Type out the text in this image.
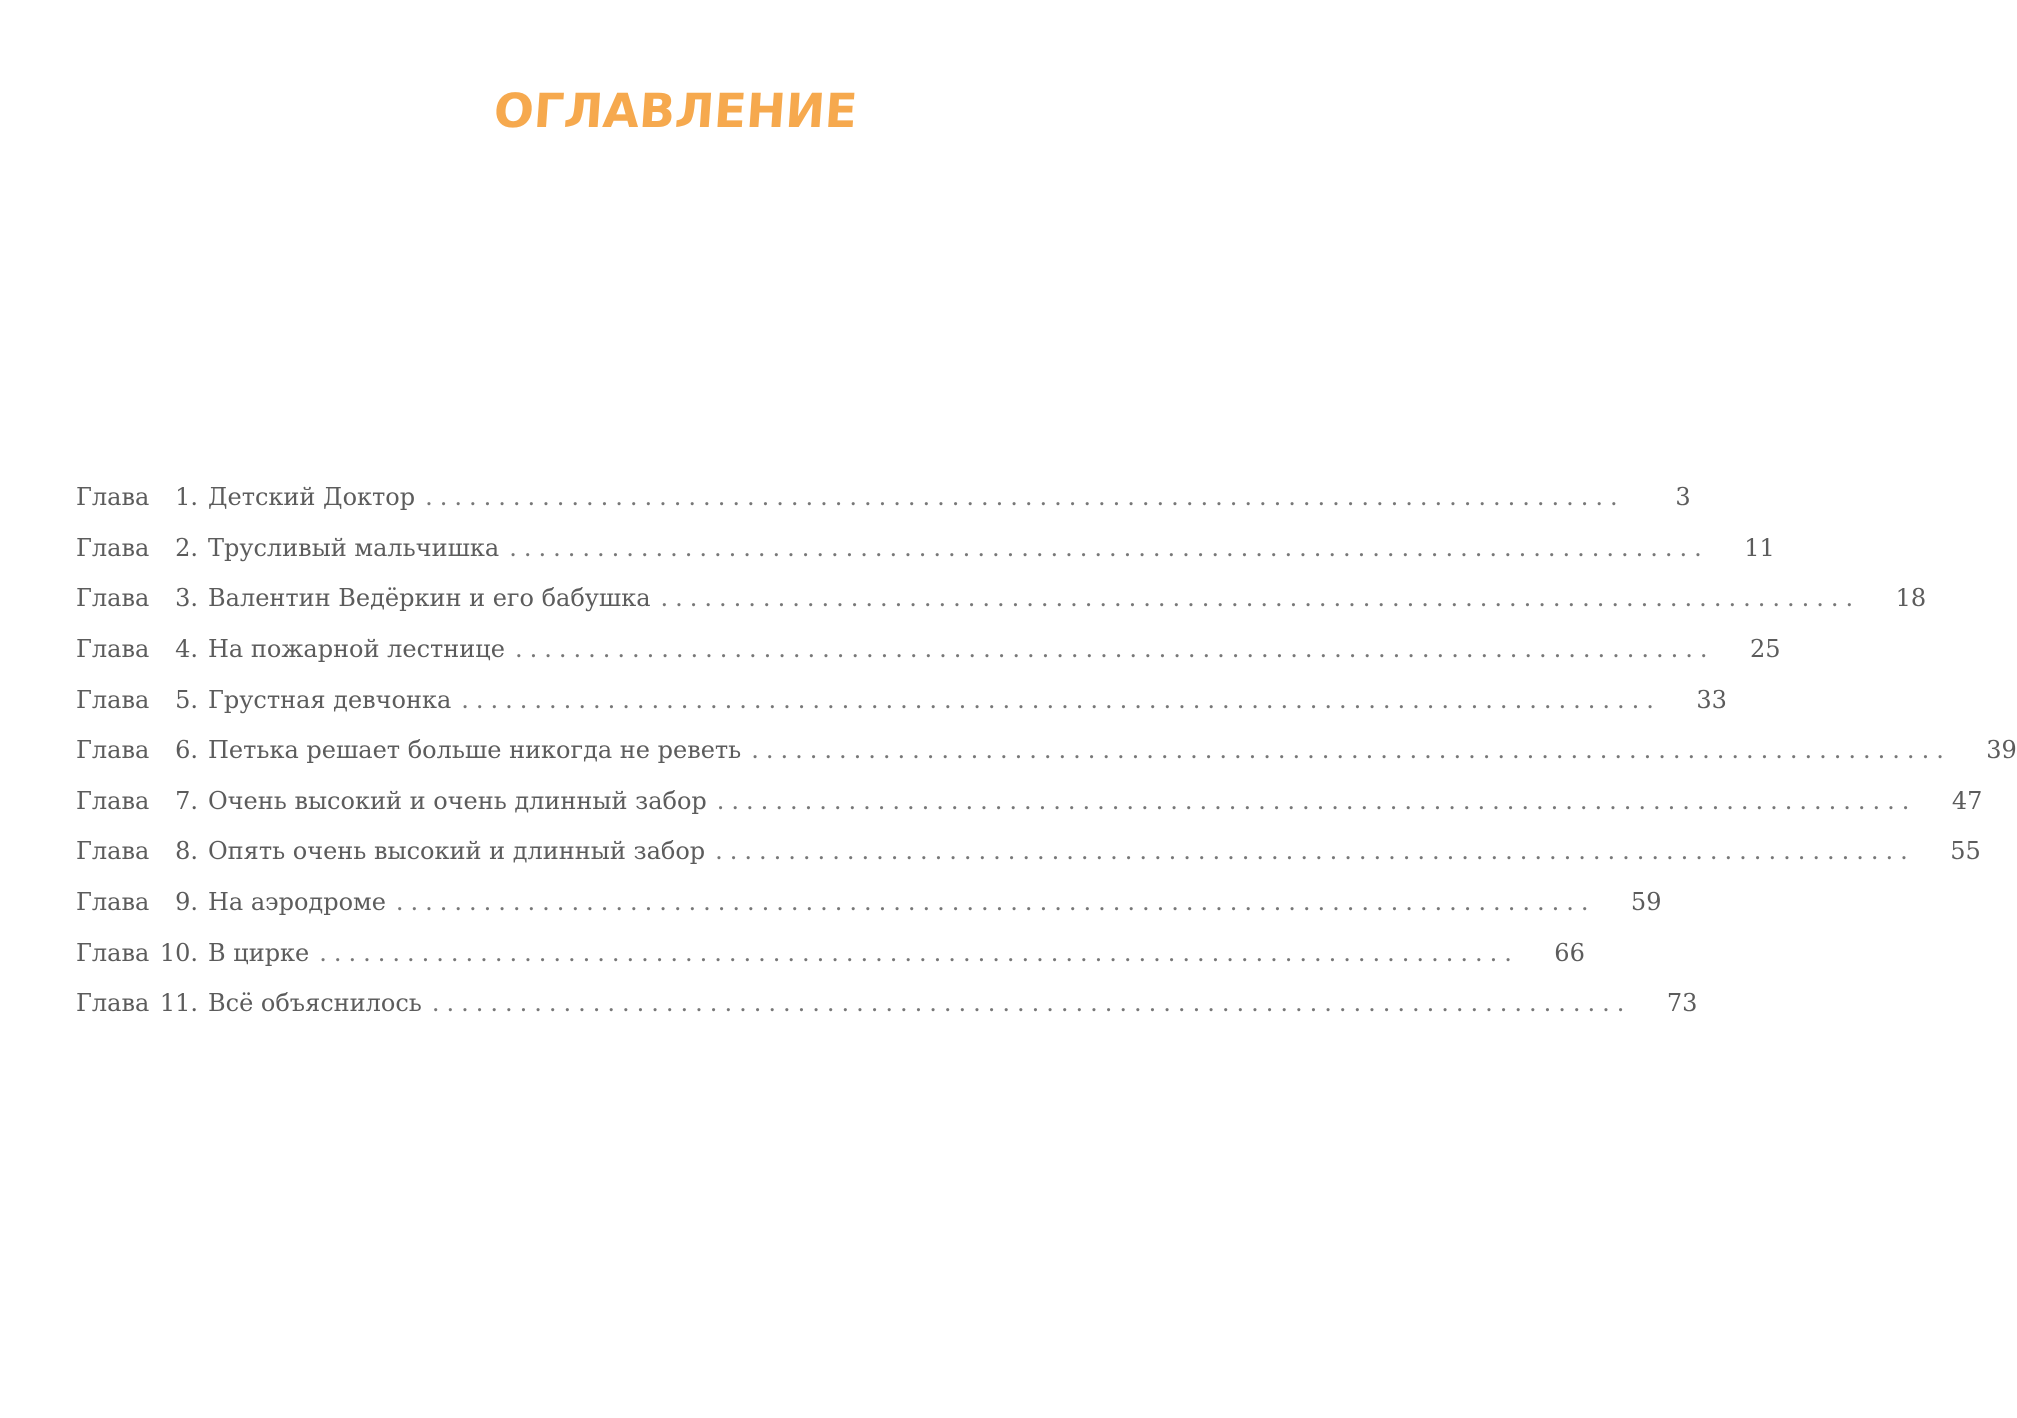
ОГЛАВЛЕНИЕ
Глава	1. Детский Доктор ..................................................................................	3
Глава	2. Трусливый мальчишка .................................................................................. 11
Глава	3. Валентин Ведёркин и его бабушка .................................................................................. 18
Глава	4. На пожарной лестнице .................................................................................. 25
Глава	5. Грустная девчонка .................................................................................. 33
Глава	6. Петька решает больше никогда не реветь .................................................................................. 39
Глава	7. Очень высокий и очень длинный забор .................................................................................. 47
Глава	8. Опять очень высокий и длинный забор .................................................................................. 55
Глава	9. На аэродроме .................................................................................. 59
Глава 10. В цирке .................................................................................. 66
Глава 11. Всё объяснилось .................................................................................. 73
